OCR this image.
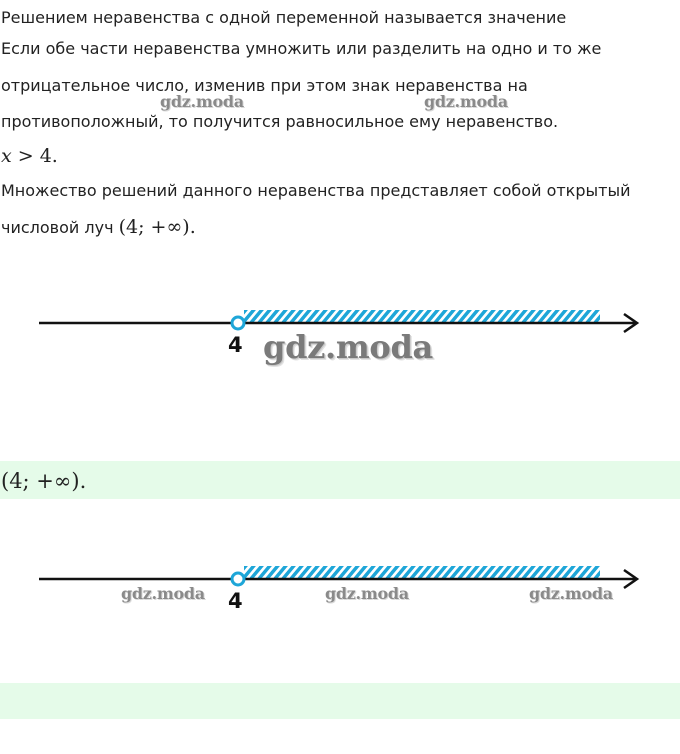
Решением неравенства с одной переменной называется значение
Если обе части неравенства умножить или разделить на одно и то же
отрицательное число, изменив при этом знак неравенства на
противоположный, то получится равносильное ему неравенство.
x > 4.
Множество решений данного неравенства представляет собой открытый
числовой луч (4; +∞).
gdz.moda	gdz.moda
4 gdz.moda
(4; +∞).
4
gdz.moda	gdz.moda	gdz.moda
